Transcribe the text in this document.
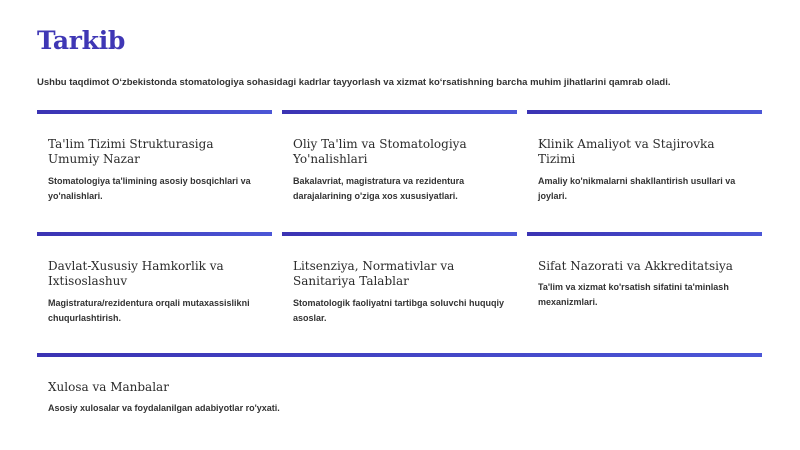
Tarkib
Ushbu taqdimot O‘zbekistonda stomatologiya sohasidagi kadrlar tayyorlash va xizmat ko‘rsatishning barcha muhim jihatlarini qamrab oladi.
Ta'lim Tizimi Strukturasiga Umumiy Nazar
Stomatologiya ta'limining asosiy bosqichlari va yo'nalishlari.
Oliy Ta'lim va Stomatologiya Yo'nalishlari
Bakalavriat, magistratura va rezidentura darajalarining o'ziga xos xususiyatlari.
Klinik Amaliyot va Stajirovka Tizimi
Amaliy ko'nikmalarni shakllantirish usullari va joylari.
Davlat-Xususiy Hamkorlik va Ixtisoslashuv
Magistratura/rezidentura orqali mutaxassislikni chuqurlashtirish.
Litsenziya, Normativlar va Sanitariya Talablar
Stomatologik faoliyatni tartibga soluvchi huquqiy asoslar.
Sifat Nazorati va Akkreditatsiya
Ta'lim va xizmat ko'rsatish sifatini ta'minlash mexanizmlari.
Xulosa va Manbalar
Asosiy xulosalar va foydalanilgan adabiyotlar ro'yxati.
